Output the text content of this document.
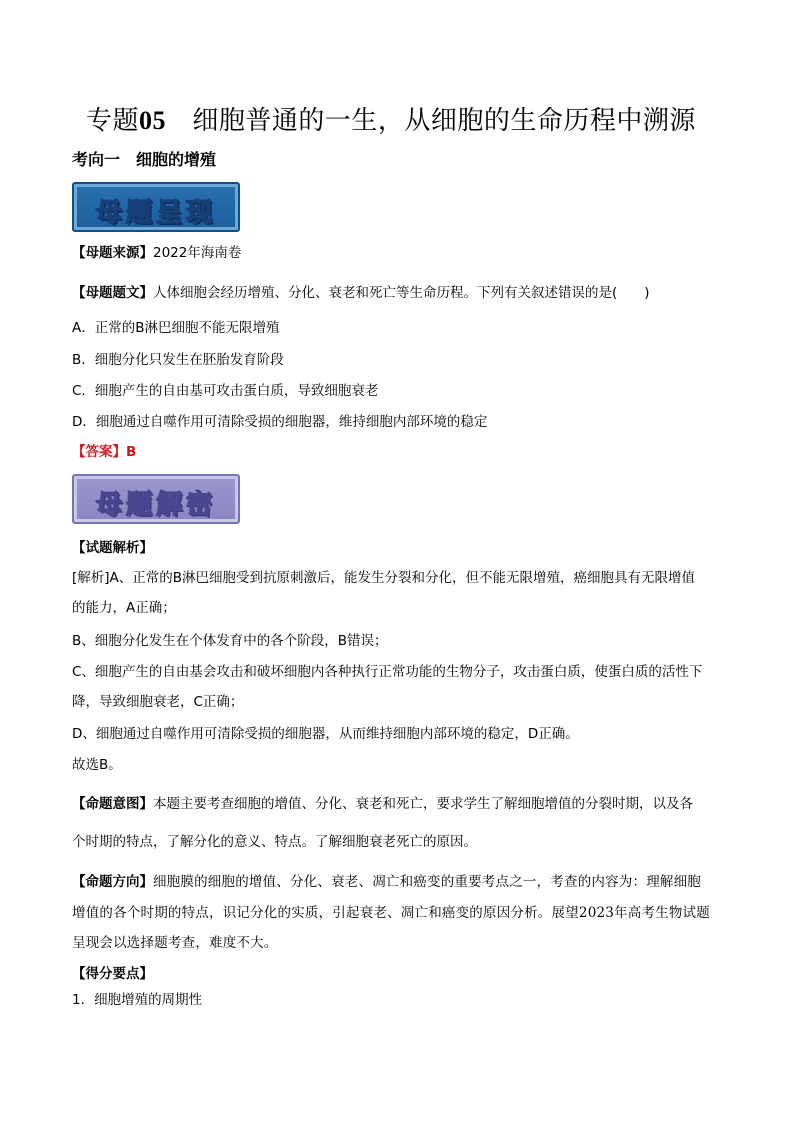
专题05 细胞普通的一生，从细胞的生命历程中溯源
考向一　细胞的增殖
母题呈现
【母题来源】2022年海南卷
【母题题文】人体细胞会经历增殖、分化、衰老和死亡等生命历程。下列有关叙述错误的是(　　)
A．正常的B淋巴细胞不能无限增殖
B．细胞分化只发生在胚胎发育阶段
C．细胞产生的自由基可攻击蛋白质，导致细胞衰老
D．细胞通过自噬作用可清除受损的细胞器，维持细胞内部环境的稳定
【答案】B
母题解密
【试题解析】
[解析]A、正常的B淋巴细胞受到抗原刺激后，能发生分裂和分化，但不能无限增殖，癌细胞具有无限增值
的能力，A正确；
B、细胞分化发生在个体发育中的各个阶段，B错误；
C、细胞产生的自由基会攻击和破坏细胞内各种执行正常功能的生物分子，攻击蛋白质，使蛋白质的活性下
降，导致细胞衰老，C正确；
D、细胞通过自噬作用可清除受损的细胞器，从而维持细胞内部环境的稳定，D正确。
故选B。
【命题意图】本题主要考查细胞的增值、分化、衰老和死亡，要求学生了解细胞增值的分裂时期，以及各
个时期的特点，了解分化的意义、特点。了解细胞衰老死亡的原因。
【命题方向】细胞膜的细胞的增值、分化、衰老、凋亡和癌变的重要考点之一，考查的内容为：理解细胞
增值的各个时期的特点，识记分化的实质，引起衰老、凋亡和癌变的原因分析。展望2023年高考生物试题
呈现会以选择题考查，难度不大。
【得分要点】
1．细胞增殖的周期性
